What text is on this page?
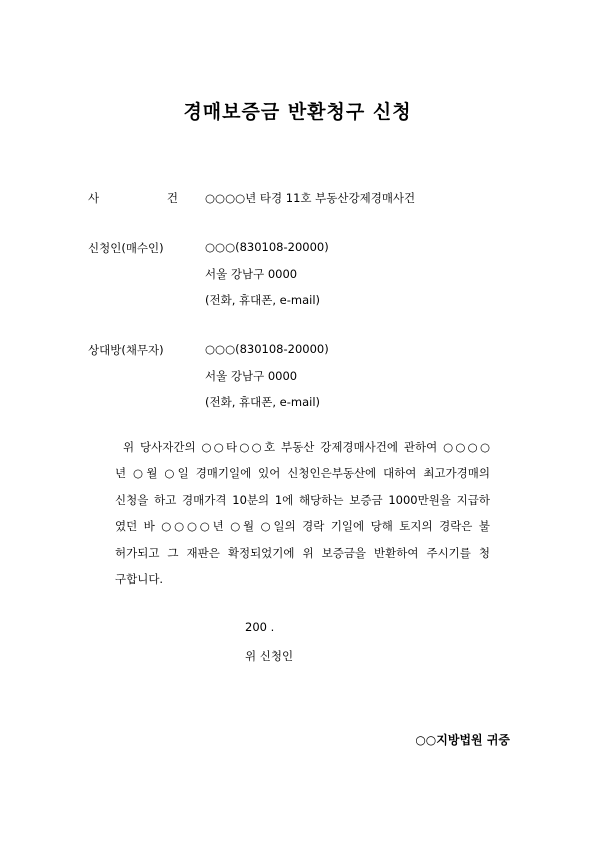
경매보증금 반환청구 신청
사	건 ○○○○년 타경 11호 부동산강제경매사건
신청인(매수인)	○○○(830108-20000)
서울 강남구 0000
(전화, 휴대폰, e-mail)
상대방(채무자)	○○○(830108-20000)
서울 강남구 0000
(전화, 휴대폰, e-mail)
위 당사자간의 ○○타○○호 부동산 강제경매사건에 관하여 ○○○○
년 ○월 ○일 경매기일에 있어 신청인은부동산에 대하여 최고가경매의
신청을 하고 경매가격 10분의 1에 해당하는 보증금 1000만원을 지급하
였던 바 ○○○○년 ○월 ○일의 경락 기일에 당해 토지의 경락은 불
허가되고 그 재판은 확정되었기에 위 보증금을 반환하여 주시기를 청
구합니다.
200 .
위 신청인
○○지방법원 귀중
